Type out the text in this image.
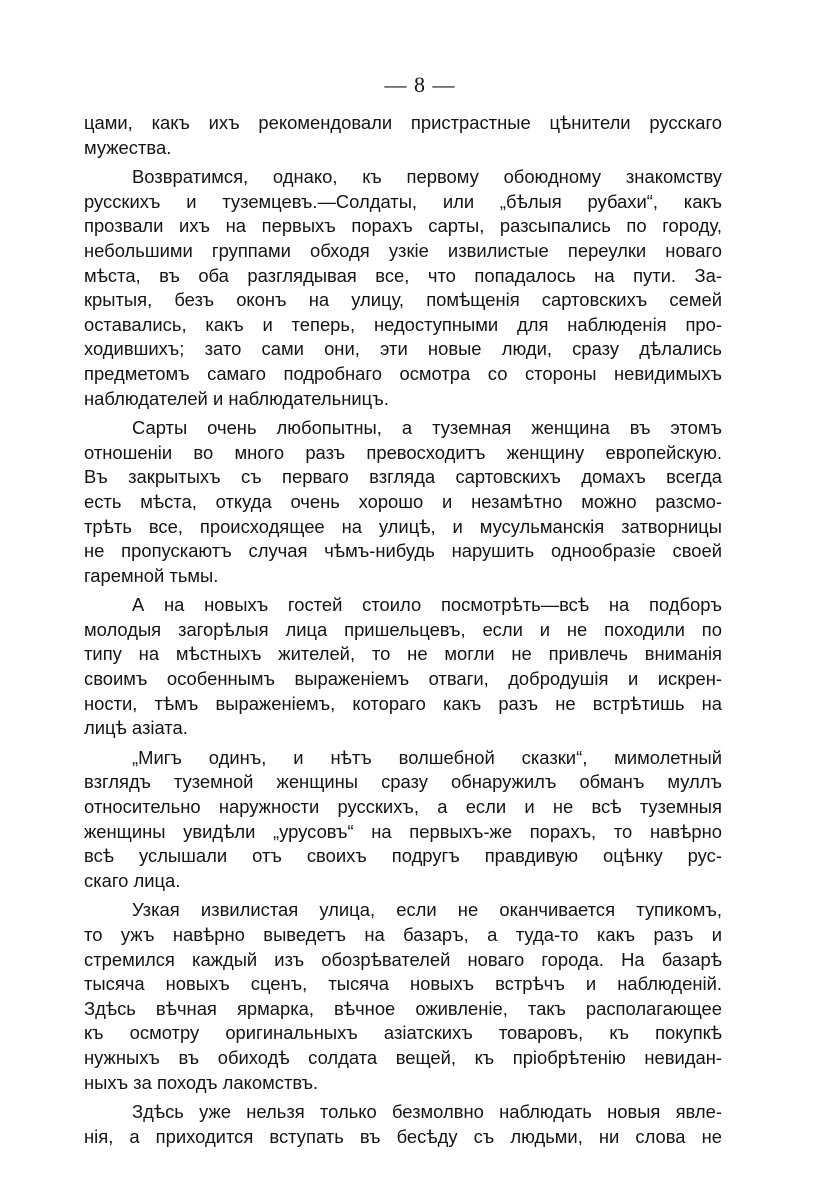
— 8 —

цами, какъ ихъ рекомендовали пристрастные цѣнители русскаго
мужества.

Возвратимся, однако, къ первому обоюдному знакомству
русскихъ и туземцевъ.—Солдаты, или „бѣлыя рубахи“, какъ
прозвали ихъ на первыхъ порахъ сарты, разсыпались по городу,
небольшими группами обходя узкіе извилистые переулки новаго
мѣста, въ оба разглядывая все, что попадалось на пути. За-
крытыя, безъ оконъ на улицу, помѣщенія сартовскихъ семей
оставались, какъ и теперь, недоступными для наблюденія про-
ходившихъ; зато сами они, эти новые люди, сразу дѣлались
предметомъ самаго подробнаго осмотра со стороны невидимыхъ
наблюдателей и наблюдательницъ.

Сарты очень любопытны, а туземная женщина въ этомъ
отношеніи во много разъ превосходитъ женщину европейскую.
Въ закрытыхъ съ перваго взгляда сартовскихъ домахъ всегда
есть мѣста, откуда очень хорошо и незамѣтно можно разсмо-
трѣть все, происходящее на улицѣ, и мусульманскія затворницы
не пропускаютъ случая чѣмъ-нибудь нарушить однообразіе своей
гаремной тьмы.

А на новыхъ гостей стоило посмотрѣть—всѣ на подборъ
молодыя загорѣлыя лица пришельцевъ, если и не походили по
типу на мѣстныхъ жителей, то не могли не привлечь вниманія
своимъ особеннымъ выраженіемъ отваги, добродушія и искрен-
ности, тѣмъ выраженіемъ, котораго какъ разъ не встрѣтишь на
лицѣ азіата.

„Мигъ одинъ, и нѣтъ волшебной сказки“, мимолетный
взглядъ туземной женщины сразу обнаружилъ обманъ муллъ
относительно наружности русскихъ, а если и не всѣ туземныя
женщины увидѣли „урусовъ“ на первыхъ-же порахъ, то навѣрно
всѣ услышали отъ своихъ подругъ правдивую оцѣнку рус-
скаго лица.

Узкая извилистая улица, если не оканчивается тупикомъ,
то ужъ навѣрно выведетъ на базаръ, а туда-то какъ разъ и
стремился каждый изъ обозрѣвателей новаго города. На базарѣ
тысяча новыхъ сценъ, тысяча новыхъ встрѣчъ и наблюденій.
Здѣсь вѣчная ярмарка, вѣчное оживленіе, такъ располагающее
къ осмотру оригинальныхъ азіатскихъ товаровъ, къ покупкѣ
нужныхъ въ обиходѣ солдата вещей, къ пріобрѣтенію невидан-
ныхъ за походъ лакомствъ.

Здѣсь уже нельзя только безмолвно наблюдать новыя явле-
нія, а приходится вступать въ бесѣду съ людьми, ни слова не
